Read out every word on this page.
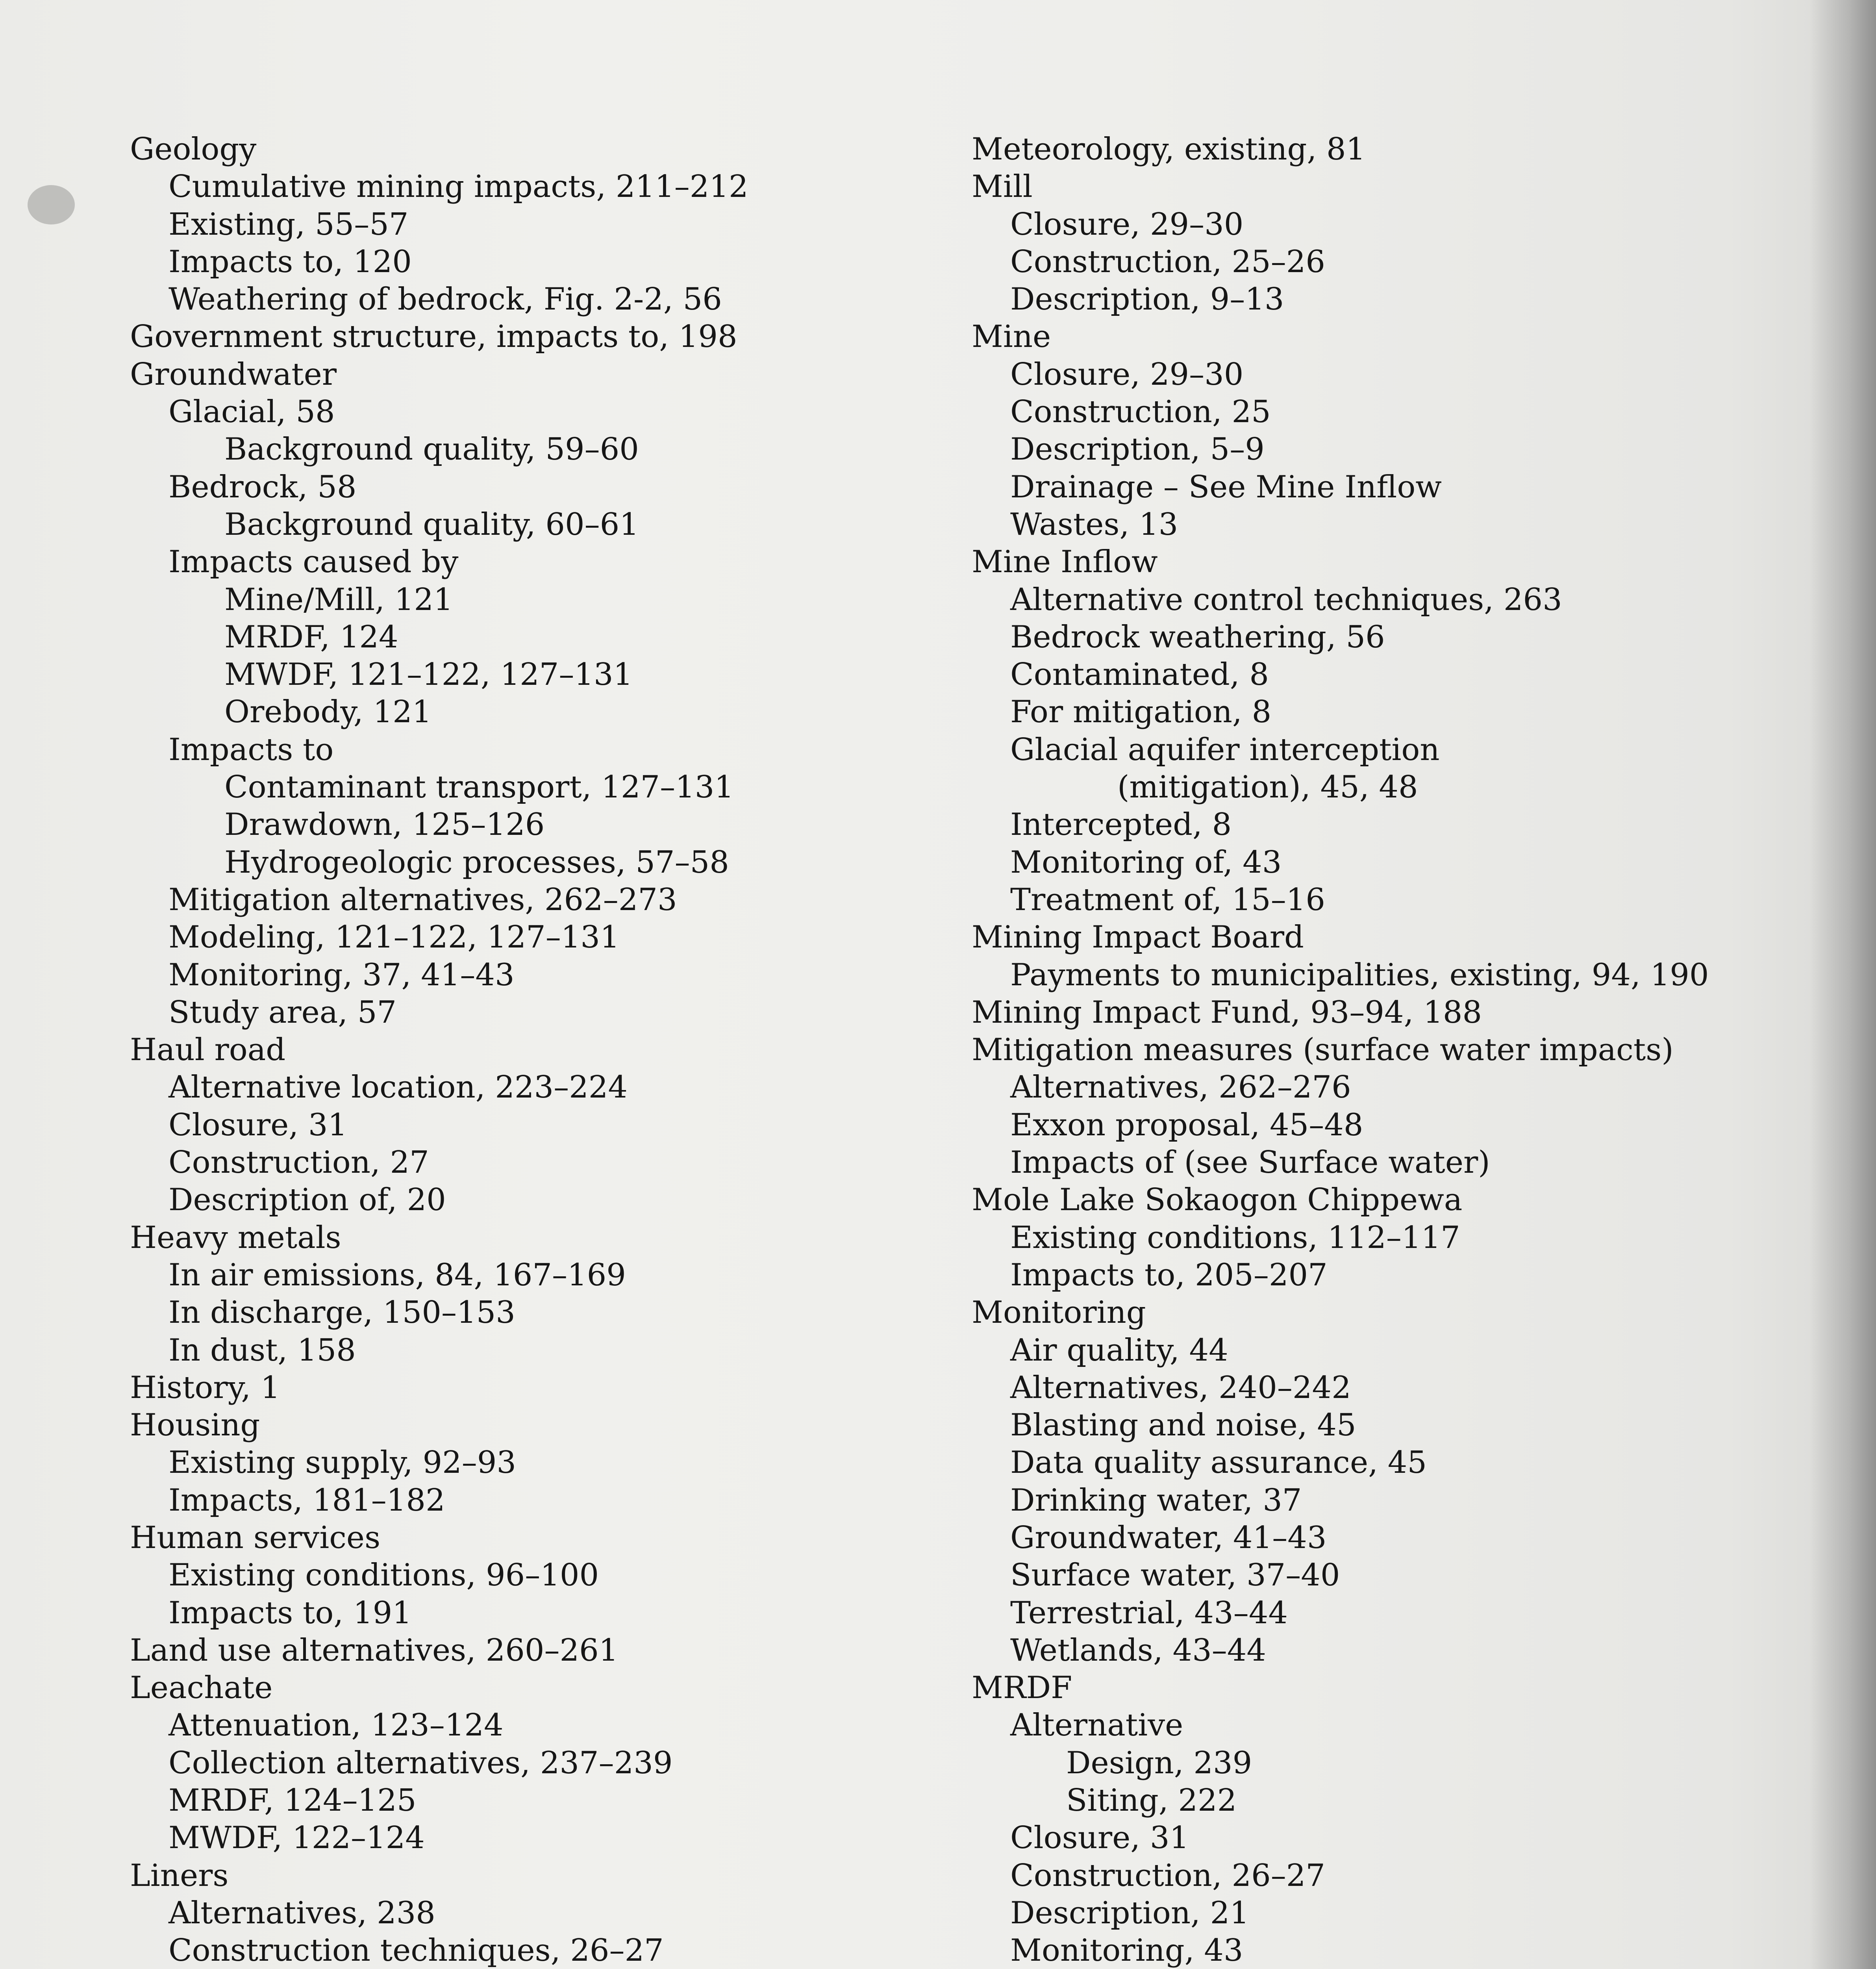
Geology
Cumulative mining impacts, 211–212
Existing, 55–57
Impacts to, 120
Weathering of bedrock, Fig. 2-2, 56
Government structure, impacts to, 198
Groundwater
Glacial, 58
Background quality, 59–60
Bedrock, 58
Background quality, 60–61
Impacts caused by
Mine/Mill, 121
MRDF, 124
MWDF, 121–122, 127–131
Orebody, 121
Impacts to
Contaminant transport, 127–131
Drawdown, 125–126
Hydrogeologic processes, 57–58
Mitigation alternatives, 262–273
Modeling, 121–122, 127–131
Monitoring, 37, 41–43
Study area, 57
Haul road
Alternative location, 223–224
Closure, 31
Construction, 27
Description of, 20
Heavy metals
In air emissions, 84, 167–169
In discharge, 150–153
In dust, 158
History, 1
Housing
Existing supply, 92–93
Impacts, 181–182
Human services
Existing conditions, 96–100
Impacts to, 191
Land use alternatives, 260–261
Leachate
Attenuation, 123–124
Collection alternatives, 237–239
MRDF, 124–125
MWDF, 122–124
Liners
Alternatives, 238
Construction techniques, 26–27
Meteorology, existing, 81
Mill
Closure, 29–30
Construction, 25–26
Description, 9–13
Mine
Closure, 29–30
Construction, 25
Description, 5–9
Drainage – See Mine Inflow
Wastes, 13
Mine Inflow
Alternative control techniques, 263
Bedrock weathering, 56
Contaminated, 8
For mitigation, 8
Glacial aquifer interception
(mitigation), 45, 48
Intercepted, 8
Monitoring of, 43
Treatment of, 15–16
Mining Impact Board
Payments to municipalities, existing, 94, 190
Mining Impact Fund, 93–94, 188
Mitigation measures (surface water impacts)
Alternatives, 262–276
Exxon proposal, 45–48
Impacts of (see Surface water)
Mole Lake Sokaogon Chippewa
Existing conditions, 112–117
Impacts to, 205–207
Monitoring
Air quality, 44
Alternatives, 240–242
Blasting and noise, 45
Data quality assurance, 45
Drinking water, 37
Groundwater, 41–43
Surface water, 37–40
Terrestrial, 43–44
Wetlands, 43–44
MRDF
Alternative
Design, 239
Siting, 222
Closure, 31
Construction, 26–27
Description, 21
Monitoring, 43
